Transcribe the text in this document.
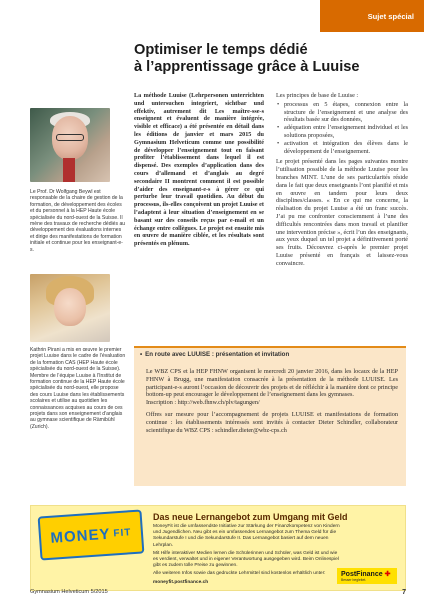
Sujet spécial
Optimiser le temps dédié
à l’apprentissage grâce à Luuise

Le Prof. Dr Wolfgang Beywl est responsable de la chaire de gestion de la formation, de développement des écoles et du personnel à la HEP Haute école spécialisée du nord-ouest de la Suisse. Il mène des travaux de recherche dédiés au développement des évaluations internes et dirige des manifestations de formation initiale et continue pour les enseignant-e-s.

Kathrin Pirani a mis en œuvre le premier projet Luuise dans le cadre de l’évaluation de la formation CAS (HEP Haute école spécialisée du nord-ouest de la Suisse). Membre de l’équipe Luuise à l’Institut de formation continue de la HEP Haute école spécialisée du nord-ouest, elle propose des cours Luuise dans les établissements scolaires et utilise au quotidien les connaissances acquises au cours de ces projets dans son enseignement d’anglais au gymnase scientifique de Rämibühl (Zurich).

La méthode Luuise (Lehrpersonen unterrichten und untersuchen integriert, sichtbar und effektiv, autrement dit Les maître-sse-s enseignent et évaluent de manière intégrée, visible et efficace) a été présentée en détail dans les éditions de janvier et mars 2015 du Gymnasium Helveticum comme une possibilité de développer l’enseignement tout en faisant profiter l’établissement dans lequel il est dispensé. Des exemples d’application dans des cours d’allemand et d’anglais au degré secondaire II montrent comment il est possible d’aider des enseignant-e-s à gérer ce qui perturbe leur travail quotidien. Au début du processus, ils-elles conçoivent un projet Luuise et l’adaptent à leur situation d’enseignement en se basant sur des conseils reçus par e-mail et un échange entre collègues. Le projet est ensuite mis en œuvre de manière ciblée, et les résultats sont présentés en plénum.

Les principes de base de Luuise :

• processus en 5 étapes, connexion entre la structure de l’enseignement et une analyse des résultats basée sur des données,
• adéquation entre l’enseignement individuel et les solutions proposées,
• activation et intégration des élèves dans le développement de l’enseignement.

Le projet présenté dans les pages suivantes montre l’utilisation possible de la méthode Luuise pour les branches MINT. L’une de ses particularités réside dans le fait que deux enseignants l’ont planifié et mis en œuvre en tandem pour leurs deux disciplines/classes. « En ce qui me concerne, la réalisation du projet Luuise a été un franc succès. J’ai pu me confronter consciemment à l’une des difficultés rencontrées dans mon travail et planifier une intervention précise », écrit l’un des enseignants, aux yeux duquel un tel projet a définitivement porté ses fruits. Découvrez ci-après le premier projet Luuise présenté en français et laissez-vous convaincre.

• En route avec LUUISE : présentation et invitation

Le WBZ CPS et la HEP FHNW organisent le mercredi 20 janvier 2016, dans les locaux de la HEP FHNW à Brugg, une manifestation consacrée à la présentation de la méthode LUUISE. Les participant-e-s auront l’occasion de découvrir des projets et de réfléchir à la manière dont ce principe bottom-up peut encourager le développement de l’enseignement dans les gymnases.
Inscription : http://web.fhnw.ch/plv/tagungen/

Offres sur mesure pour l’accompagnement de projets LUUISE et manifestations de formation continue : les établissements intéressés sont invités à contacter Dieter Schindler, collaborateur scientifique du WBZ CPS : schindler.dieter@wbz-cps.ch

MONEY FIT
Das neue Lernangebot zum Umgang mit Geld

MoneyFit ist die umfassendste Initiative zur Stärkung der Finanzkompetenz von Kindern und Jugendlichen. Neu gibt es ein umfassendes Lernangebot zum Thema Geld für die Sekundarstufe I und die Sekundarstufe II. Das Lernangebot basiert auf dem neuen Lehrplan.

Mit Hilfe interaktiver Medien lernen die Schülerinnen und Schüler, was Geld ist und wie es verdient, verwaltet und in eigener Verantwortung ausgegeben wird. Beim Onlinespiel gibt es zudem tolle Preise zu gewinnen.

Alle weiteren Infos sowie das gedruckte Lehrmittel sind kostenlos erhältlich unter:

moneyfit.postfinance.ch

PostFinance ✚
Besser begleitet.
Gymnasium Helveticum 5/2015	7
